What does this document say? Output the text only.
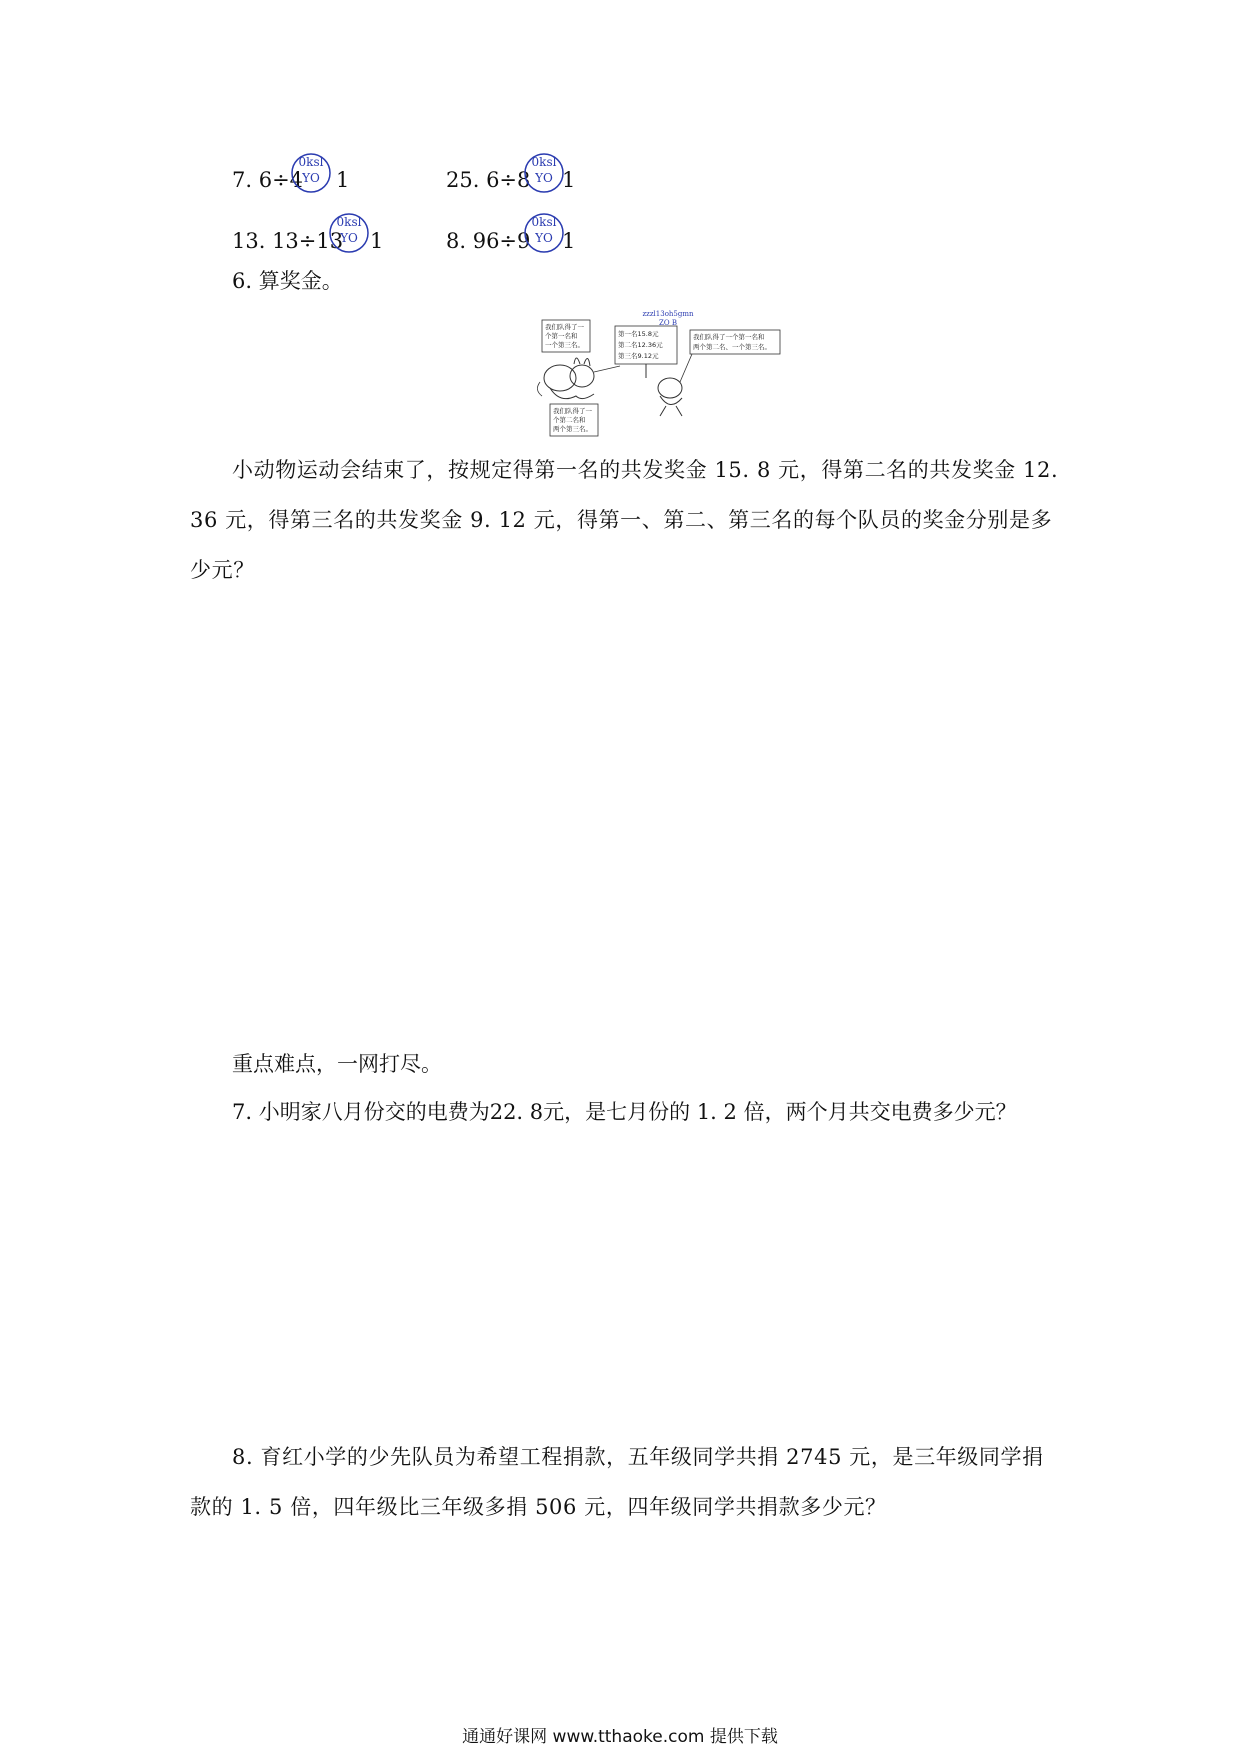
7. 6÷4
0ksl
YO 1	25. 6÷8
0ksl
YO 1
13. 13÷13
0ksl
YO 1	8. 96÷9
0ksl
YO 1
6. 算奖金。
zzzl13oh5gmn
ZO B
我们队得了一
个第一名和
一个第三名。
第一名15.8元
第二名12.36元
第三名9.12元
我们队得了一个第一名和
两个第二名、一个第三名。
我们队得了一
个第二名和
两个第三名。
小动物运动会结束了，按规定得第一名的共发奖金 15. 8 元，得第二名的共发奖金 12. 36 元，得第三名的共发奖金 9. 12 元，得第一、第二、第三名的每个队员的奖金分别是多少元？
重点难点，一网打尽。
7. 小明家八月份交的电费为22. 8元，是七月份的 1. 2 倍，两个月共交电费多少元？
8. 育红小学的少先队员为希望工程捐款，五年级同学共捐 2745 元，是三年级同学捐款的 1. 5 倍，四年级比三年级多捐 506 元，四年级同学共捐款多少元？
通通好课网 www.tthaoke.com 提供下载
